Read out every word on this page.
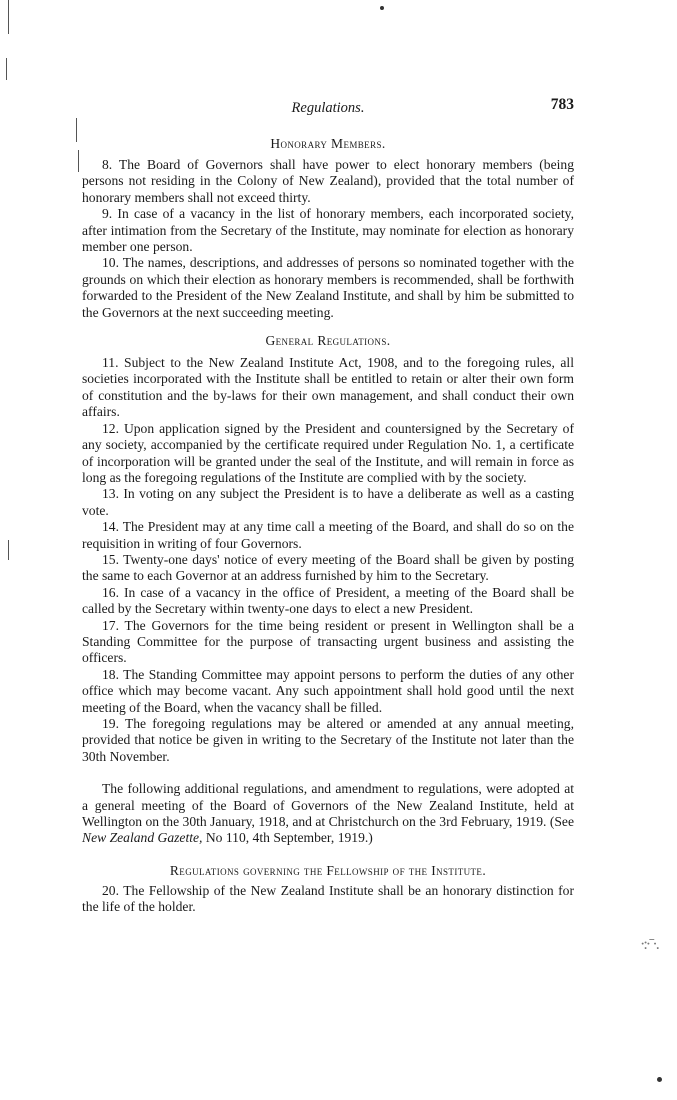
·:·ˉ·.
Regulations.	783
Honorary Members.

8. The Board of Governors shall have power to elect honorary members (being persons not residing in the Colony of New Zealand), provided that the total number of honorary members shall not exceed thirty.

9. In case of a vacancy in the list of honorary members, each incorporated society, after intimation from the Secretary of the Institute, may nominate for election as honorary member one person.

10. The names, descriptions, and addresses of persons so nominated together with the grounds on which their election as honorary members is recommended, shall be forthwith forwarded to the President of the New Zealand Institute, and shall by him be submitted to the Governors at the next succeeding meeting.

General Regulations.

11. Subject to the New Zealand Institute Act, 1908, and to the foregoing rules, all societies incorporated with the Institute shall be entitled to retain or alter their own form of constitution and the by-laws for their own management, and shall conduct their own affairs.

12. Upon application signed by the President and countersigned by the Secretary of any society, accompanied by the certificate required under Regulation No. 1, a certificate of incorporation will be granted under the seal of the Institute, and will remain in force as long as the foregoing regulations of the Institute are complied with by the society.

13. In voting on any subject the President is to have a deliberate as well as a casting vote.

14. The President may at any time call a meeting of the Board, and shall do so on the requisition in writing of four Governors.

15. Twenty-one days' notice of every meeting of the Board shall be given by posting the same to each Governor at an address furnished by him to the Secretary.

16. In case of a vacancy in the office of President, a meeting of the Board shall be called by the Secretary within twenty-one days to elect a new President.

17. The Governors for the time being resident or present in Wellington shall be a Standing Committee for the purpose of transacting urgent business and assisting the officers.

18. The Standing Committee may appoint persons to perform the duties of any other office which may become vacant. Any such appointment shall hold good until the next meeting of the Board, when the vacancy shall be filled.

19. The foregoing regulations may be altered or amended at any annual meeting, provided that notice be given in writing to the Secretary of the Institute not later than the 30th November.

The following additional regulations, and amendment to regulations, were adopted at a general meeting of the Board of Governors of the New Zealand Institute, held at Wellington on the 30th January, 1918, and at Christchurch on the 3rd February, 1919. (See New Zealand Gazette, No 110, 4th September, 1919.)

Regulations governing the Fellowship of the Institute.

20. The Fellowship of the New Zealand Institute shall be an honorary distinction for the life of the holder.
